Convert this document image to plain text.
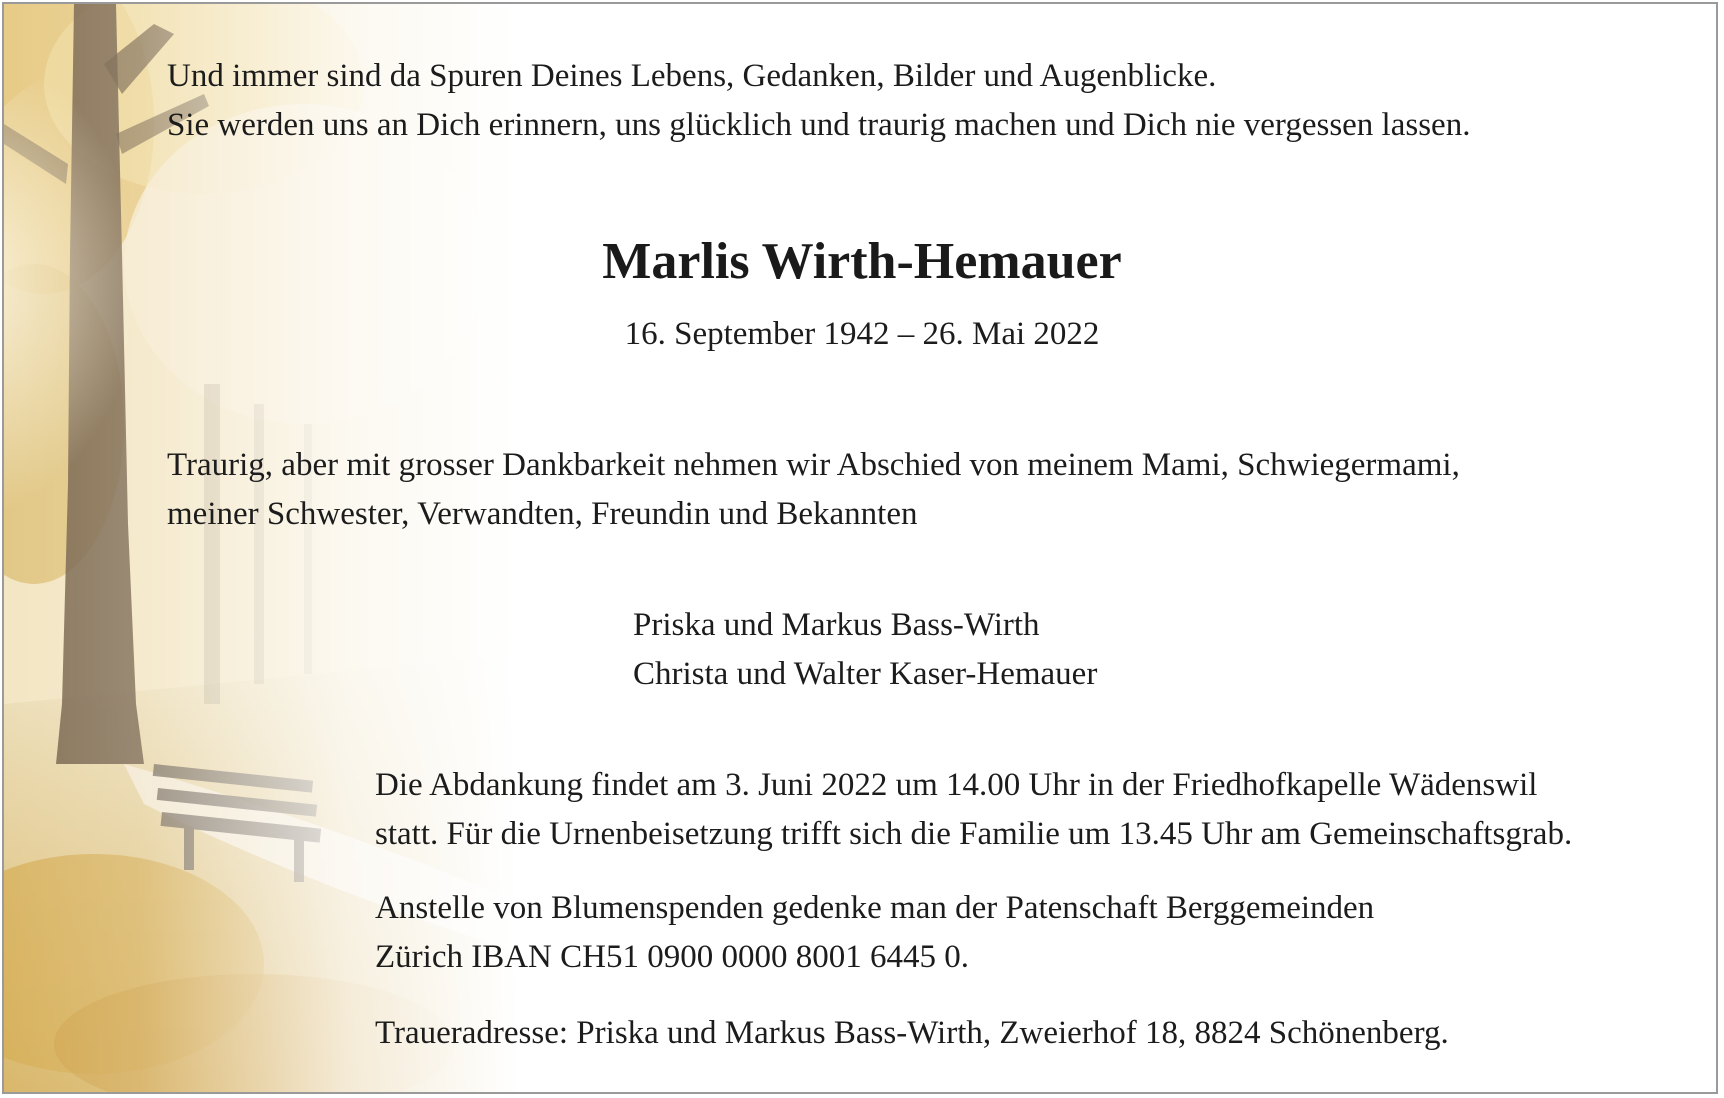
Und immer sind da Spuren Deines Lebens, Gedanken, Bilder und Augenblicke.

Sie werden uns an Dich erinnern, uns glücklich und traurig machen und Dich nie vergessen lassen.

Marlis Wirth-Hemauer

16. September 1942 – 26. Mai 2022

Traurig, aber mit grosser Dankbarkeit nehmen wir Abschied von meinem Mami, Schwiegermami,

meiner Schwester, Verwandten, Freundin und Bekannten

Priska und Markus Bass-Wirth

Christa und Walter Kaser-Hemauer

Die Abdankung findet am 3. Juni 2022 um 14.00 Uhr in der Friedhofkapelle Wädenswil

statt. Für die Urnenbeisetzung trifft sich die Familie um 13.45 Uhr am Gemeinschaftsgrab.

Anstelle von Blumenspenden gedenke man der Patenschaft Berggemeinden

Zürich IBAN CH51 0900 0000 8001 6445 0.

Traueradresse: Priska und Markus Bass-Wirth, Zweierhof 18, 8824 Schönenberg.
